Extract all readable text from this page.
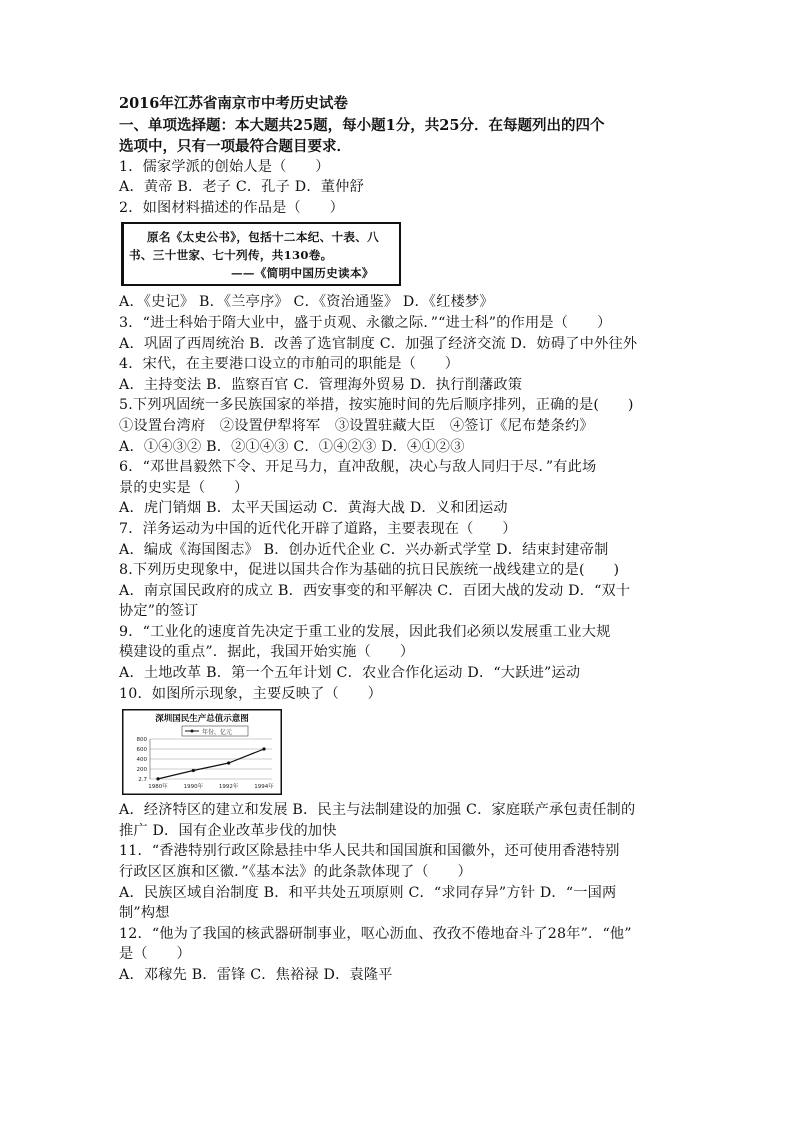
2016年江苏省南京市中考历史试卷
一、单项选择题：本大题共25题，每小题1分，共25分．在每题列出的四个
选项中，只有一项最符合题目要求．
1．儒家学派的创始人是（　　）
A．黄帝 B．老子 C．孔子 D．董仲舒
2．如图材料描述的作品是（　　）
原名《太史公书》，包括十二本纪、十表、八
书、三十世家、七十列传，共130卷。
——《简明中国历史读本》
A．《史记》 B．《兰亭序》 C．《资治通鉴》 D．《红楼梦》
3．“进士科始于隋大业中，盛于贞观、永徽之际．”“进士科”的作用是（　　）
A．巩固了西周统治 B．改善了选官制度 C．加强了经济交流 D．妨碍了中外往外
4．宋代，在主要港口设立的市舶司的职能是（　　）
A．主持变法 B．监察百官 C．管理海外贸易 D．执行削藩政策
5.下列巩固统一多民族国家的举措，按实施时间的先后顺序排列，正确的是(　　)
①设置台湾府　②设置伊犁将军　③设置驻藏大臣　④签订《尼布楚条约》
A．①④③② B．②①④③ C．①④②③ D．④①②③
6．“邓世昌毅然下令、开足马力，直冲敌舰，决心与敌人同归于尽．”有此场
景的史实是（　　）
A．虎门销烟 B．太平天国运动 C．黄海大战 D．义和团运动
7．洋务运动为中国的近代化开辟了道路，主要表现在（　　）
A．编成《海国图志》 B．创办近代企业 C．兴办新式学堂 D．结束封建帝制
8.下列历史现象中，促进以国共合作为基础的抗日民族统一战线建立的是(　　)
A．南京国民政府的成立 B．西安事变的和平解决 C．百团大战的发动 D．“双十
协定”的签订
9．“工业化的速度首先决定于重工业的发展，因此我们必须以发展重工业大规
模建设的重点”．据此，我国开始实施（　　）
A．土地改革 B．第一个五年计划 C．农业合作化运动 D．“大跃进”运动
10．如图所示现象，主要反映了（　　）
深圳国民生产总值示意图
年份，亿元
800
600
400
200
2.7
1980年	1990年	1992年	1994年
A．经济特区的建立和发展 B．民主与法制建设的加强 C．家庭联产承包责任制的
推广 D．国有企业改革步伐的加快
11．“香港特别行政区除悬挂中华人民共和国国旗和国徽外，还可使用香港特别
行政区区旗和区徽．”《基本法》的此条款体现了（　　）
A．民族区域自治制度 B．和平共处五项原则 C．“求同存异”方针 D．“一国两
制”构想
12．“他为了我国的核武器研制事业，呕心沥血、孜孜不倦地奋斗了28年”．“他”
是（　　）
A．邓稼先 B．雷锋 C．焦裕禄 D．袁隆平
